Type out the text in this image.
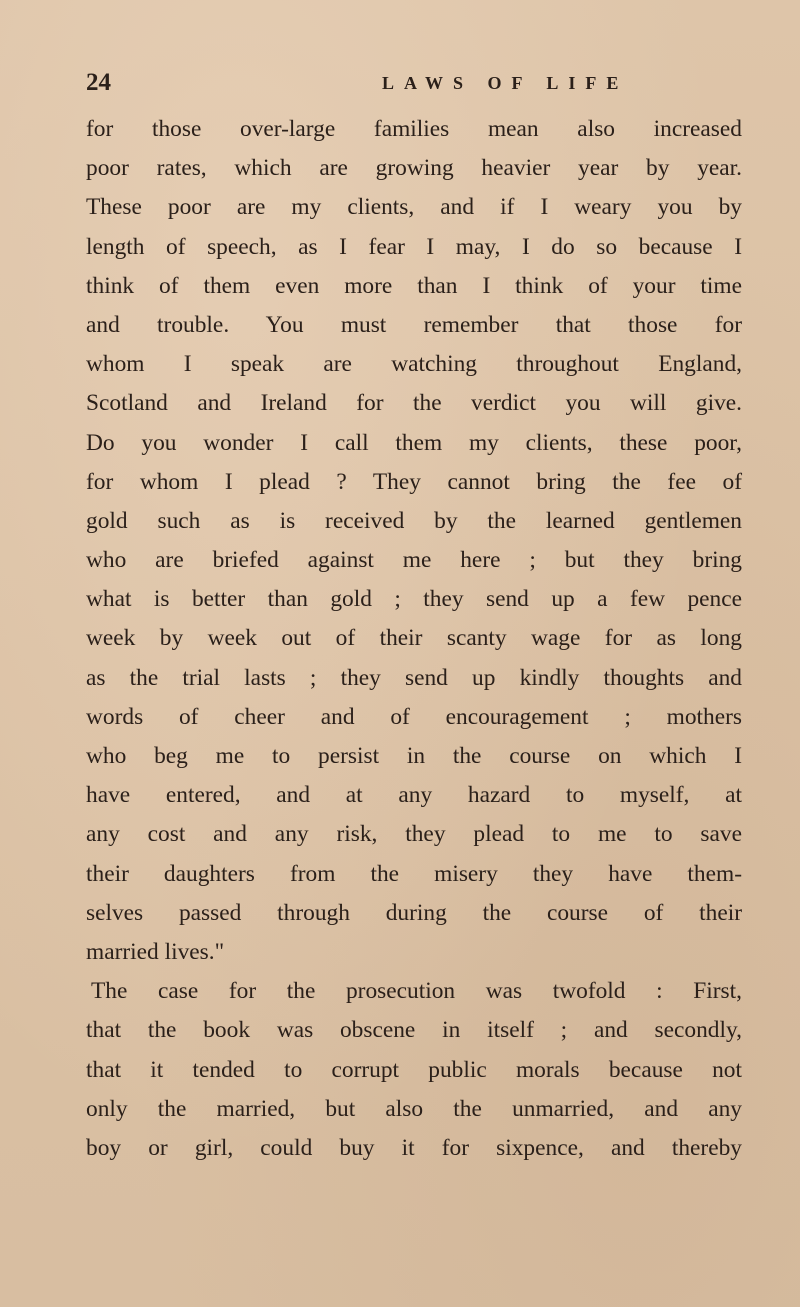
24	LAWS OF LIFE
for those over-large families mean also increased
poor rates, which are growing heavier year by year.
These poor are my clients, and if I weary you by
length of speech, as I fear I may, I do so because I
think of them even more than I think of your time
and trouble. You must remember that those for
whom I speak are watching throughout England,
Scotland and Ireland for the verdict you will give.
Do you wonder I call them my clients, these poor,
for whom I plead ? They cannot bring the fee of
gold such as is received by the learned gentlemen
who are briefed against me here ; but they bring
what is better than gold ; they send up a few pence
week by week out of their scanty wage for as long
as the trial lasts ; they send up kindly thoughts and
words of cheer and of encouragement ; mothers
who beg me to persist in the course on which I
have entered, and at any hazard to myself, at
any cost and any risk, they plead to me to save
their daughters from the misery they have them-
selves passed through during the course of their
married lives."
The case for the prosecution was twofold : First,
that the book was obscene in itself ; and secondly,
that it tended to corrupt public morals because not
only the married, but also the unmarried, and any
boy or girl, could buy it for sixpence, and thereby
